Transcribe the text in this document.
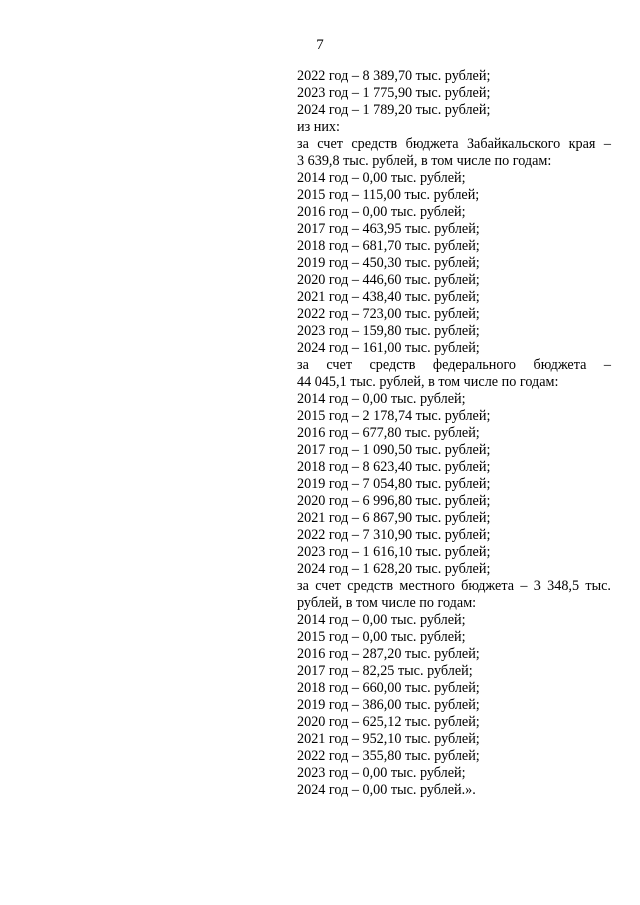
7
2022 год – 8 389,70 тыс. рублей;
2023 год – 1 775,90 тыс. рублей;
2024 год – 1 789,20 тыс. рублей;
из них:
за счет средств бюджета Забайкальского края –
3 639,8 тыс. рублей, в том числе по годам:
2014 год – 0,00 тыс. рублей;
2015 год – 115,00 тыс. рублей;
2016 год – 0,00 тыс. рублей;
2017 год – 463,95 тыс. рублей;
2018 год – 681,70 тыс. рублей;
2019 год – 450,30 тыс. рублей;
2020 год – 446,60 тыс. рублей;
2021 год – 438,40 тыс. рублей;
2022 год – 723,00 тыс. рублей;
2023 год – 159,80 тыс. рублей;
2024 год – 161,00 тыс. рублей;
за счет средств федерального бюджета –
44 045,1 тыс. рублей, в том числе по годам:
2014 год – 0,00 тыс. рублей;
2015 год – 2 178,74 тыс. рублей;
2016 год – 677,80 тыс. рублей;
2017 год – 1 090,50 тыс. рублей;
2018 год – 8 623,40 тыс. рублей;
2019 год – 7 054,80 тыс. рублей;
2020 год – 6 996,80 тыс. рублей;
2021 год – 6 867,90 тыс. рублей;
2022 год – 7 310,90 тыс. рублей;
2023 год – 1 616,10 тыс. рублей;
2024 год – 1 628,20 тыс. рублей;
за счет средств местного бюджета – 3 348,5 тыс.
рублей, в том числе по годам:
2014 год – 0,00 тыс. рублей;
2015 год – 0,00 тыс. рублей;
2016 год – 287,20 тыс. рублей;
2017 год – 82,25 тыс. рублей;
2018 год – 660,00 тыс. рублей;
2019 год – 386,00 тыс. рублей;
2020 год – 625,12 тыс. рублей;
2021 год – 952,10 тыс. рублей;
2022 год – 355,80 тыс. рублей;
2023 год – 0,00 тыс. рублей;
2024 год – 0,00 тыс. рублей.».
